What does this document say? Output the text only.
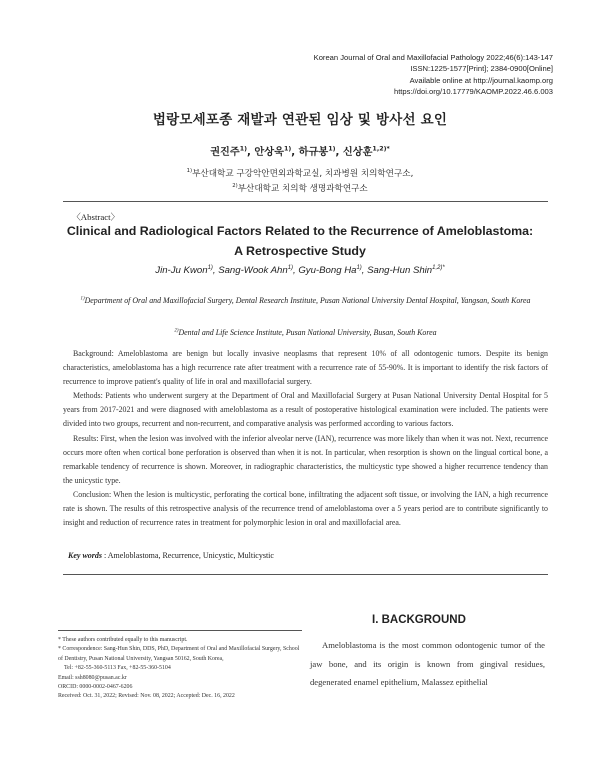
Korean Journal of Oral and Maxillofacial Pathology 2022;46(6):143-147
ISSN:1225-1577[Print]; 2384-0900[Online]
Available online at http://journal.kaomp.org
https://doi.org/10.17779/KAOMP.2022.46.6.003
법랑모세포종 재발과 연관된 임상 및 방사선 요인
권진주$^{1)}$, 안상욱$^{1)}$, 하규봉$^{1)}$, 신상훈$^{1,2)*}$
$^{1)}$부산대학교 구강악안면외과학교실, 치과병원 치의학연구소,
$^{2)}$부산대학교 치의학 생명과학연구소
〈Abstract〉
Clinical and Radiological Factors Related to the Recurrence of Ameloblastoma:
A Retrospective Study
Jin-Ju Kwon$^{1)}$, Sang-Wook Ahn$^{1)}$, Gyu-Bong Ha$^{1)}$, Sang-Hun Shin$^{1,2)*}$
$^{1)}$Department of Oral and Maxillofacial Surgery, Dental Research Institute, Pusan National University Dental Hospital, Yangsan, South Korea
$^{2)}$Dental and Life Science Institute, Pusan National University, Busan, South Korea

Background: Ameloblastoma are benign but locally invasive neoplasms that represent 10% of all odontogenic tumors. Despite its benign characteristics, ameloblastoma has a high recurrence rate after treatment with a recurrence rate of 55-90%. It is important to identify the risk factors of recurrence to improve patient's quality of life in oral and maxillofacial surgery.

Methods: Patients who underwent surgery at the Department of Oral and Maxillofacial Surgery at Pusan National University Dental Hospital for 5 years from 2017-2021 and were diagnosed with ameloblastoma as a result of postoperative histological examination were included. The patients were divided into two groups, recurrent and non-recurrent, and comparative analysis was performed according to various factors.

Results: First, when the lesion was involved with the inferior alveolar nerve (IAN), recurrence was more likely than when it was not. Next, recurrence occurs more often when cortical bone perforation is observed than when it is not. In particular, when resorption is shown on the lingual cortical bone, a remarkable tendency of recurrence is shown. Moreover, in radiographic characteristics, the multicystic type showed a higher recurrence tendency than the unicystic type.

Conclusion: When the lesion is multicystic, perforating the cortical bone, infiltrating the adjacent soft tissue, or involving the IAN, a high recurrence rate is shown. The results of this retrospective analysis of the recurrence trend of ameloblastoma over a 5 years period are to contribute significantly to insight and reduction of recurrence rates in treatment for polymorphic lesion in oral and maxillofacial area.

Key words : Ameloblastoma, Recurrence, Unicystic, Multicystic
* These authors contributed equally to this manuscript.
* Correspondence: Sang-Hun Shin, DDS, PhD, Department of Oral and Maxillofacial Surgery, School of Dentistry, Pusan National University, Yangsan 50162, South Korea,
Tel: +82-55-360-5113 Fax, +82-55-360-5104
Email: ssh8080@pusan.ac.kr
ORCID: 0000-0002-0467-6206
Received: Oct. 31, 2022; Revised: Nov. 08, 2022; Accepted: Dec. 16, 2022
I. BACKGROUND
Ameloblastoma is the most common odontogenic tumor of the jaw bone, and its origin is known from gingival residues, degenerated enamel epithelium, Malassez epithelial
